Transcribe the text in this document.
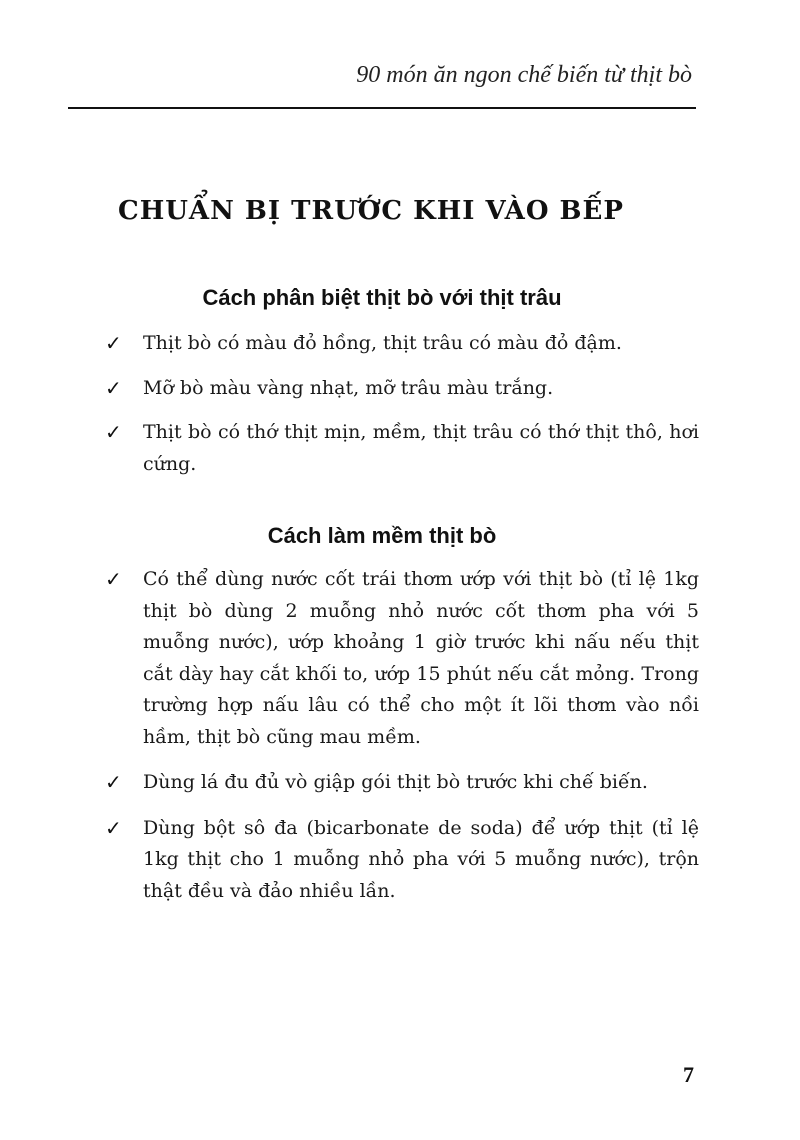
90 món ăn ngon chế biến từ thịt bò
CHUẨN BỊ TRƯỚC KHI VÀO BẾP
Cách phân biệt thịt bò với thịt trâu
✓ Thịt bò có màu đỏ hồng, thịt trâu có màu đỏ đậm.
✓ Mỡ bò màu vàng nhạt, mỡ trâu màu trắng.
✓ Thịt bò có thớ thịt mịn, mềm, thịt trâu có thớ thịt thô, hơi cứng.
Cách làm mềm thịt bò
✓ Có thể dùng nước cốt trái thơm ướp với thịt bò (tỉ lệ 1kg thịt bò dùng 2 muỗng nhỏ nước cốt thơm pha với 5 muỗng nước), ướp khoảng 1 giờ trước khi nấu nếu thịt cắt dày hay cắt khối to, ướp 15 phút nếu cắt mỏng. Trong trường hợp nấu lâu có thể cho một ít lõi thơm vào nồi hầm, thịt bò cũng mau mềm.
✓ Dùng lá đu đủ vò giập gói thịt bò trước khi chế biến.
✓ Dùng bột sô đa (bicarbonate de soda) để ướp thịt (tỉ lệ 1kg thịt cho 1 muỗng nhỏ pha với 5 muỗng nước), trộn thật đều và đảo nhiều lần.
7
